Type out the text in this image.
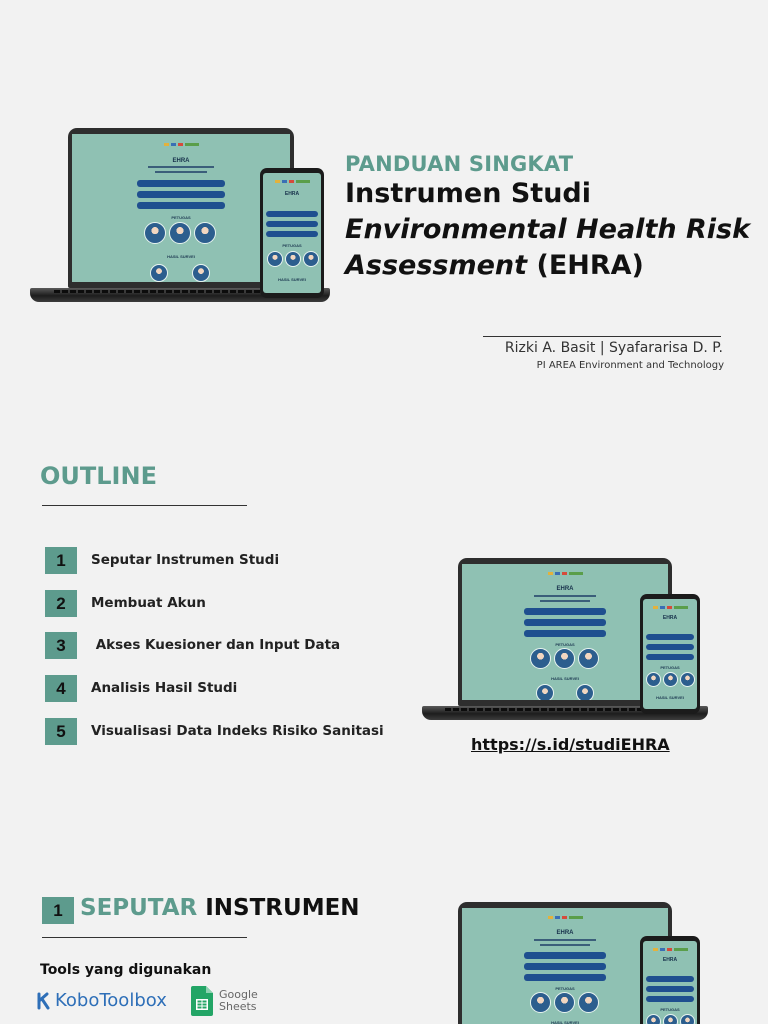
EHRA
PETUGAS
HASIL SURVEI
EHRA
PETUGAS
HASIL SURVEI
PANDUAN SINGKAT
Instrumen Studi
Environmental Health Risk
Assessment (EHRA)
Rizki A. Basit | Syafararisa D. P.
PI AREA Environment and Technology
OUTLINE
1	Seputar Instrumen Studi
2	Membuat Akun
3	Akses Kuesioner dan Input Data
4	Analisis Hasil Studi
5	Visualisasi Data Indeks Risiko Sanitasi
EHRA
PETUGAS
HASIL SURVEI
EHRA
PETUGAS
HASIL SURVEI
https://s.id/studiEHRA
1 SEPUTAR INSTRUMEN
Tools yang digunakan
KoboToolbox	Google
Sheets
EHRA
PETUGAS
HASIL SURVEI
EHRA
PETUGAS
